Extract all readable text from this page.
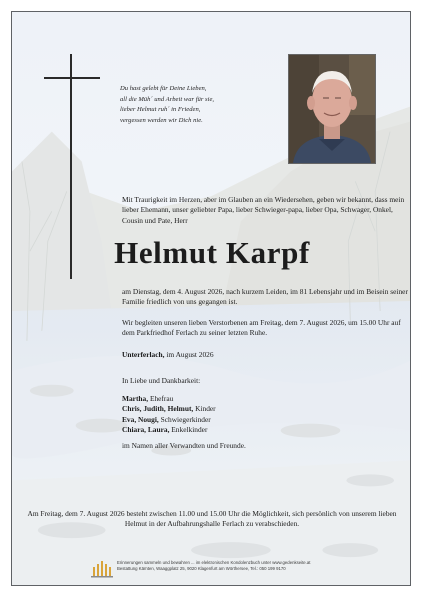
Du hast gelebt für Deine Lieben,
all die Müh´ und Arbeit war für sie,
lieber Helmut ruh´ in Frieden,
vergessen werden wir Dich nie.
Mit Traurigkeit im Herzen, aber im Glauben an ein Wiedersehen, geben wir bekannt, dass mein lieber Ehemann, unser geliebter Papa, lieber Schwieger-papa, lieber Opa, Schwager, Onkel, Cousin und Pate, Herr
Helmut Karpf
am Dienstag, dem 4. August 2026, nach kurzem Leiden, im 81 Lebensjahr und im Beisein seiner Familie friedlich von uns gegangen ist.
Wir begleiten unseren lieben Verstorbenen am Freitag, dem 7. August 2026, um 15.00 Uhr auf dem Parkfriedhof Ferlach zu seiner letzten Ruhe.
Unterferlach, im August 2026
In Liebe und Dankbarkeit:
Martha, Ehefrau
Chris, Judith, Helmut, Kinder
Eva, Nougi, Schwiegerkinder
Chiara, Laura, Enkelkinder
im Namen aller Verwandten und Freunde.
Am Freitag, dem 7. August 2026 besteht zwischen 11.00 und 15.00 Uhr die Möglichkeit, sich persönlich von unserem lieben Helmut in der Aufbahrungshalle Ferlach zu verabschieden.
Erinnerungen sammeln und bewahren ... im elektronischen Kondolenzbuch unter www.gedenkseite.at
Bestattung Kärnten, Waaggplatz 25, 9020 Klagenfurt am Wörthersee, Tel.: 050 199 9170
